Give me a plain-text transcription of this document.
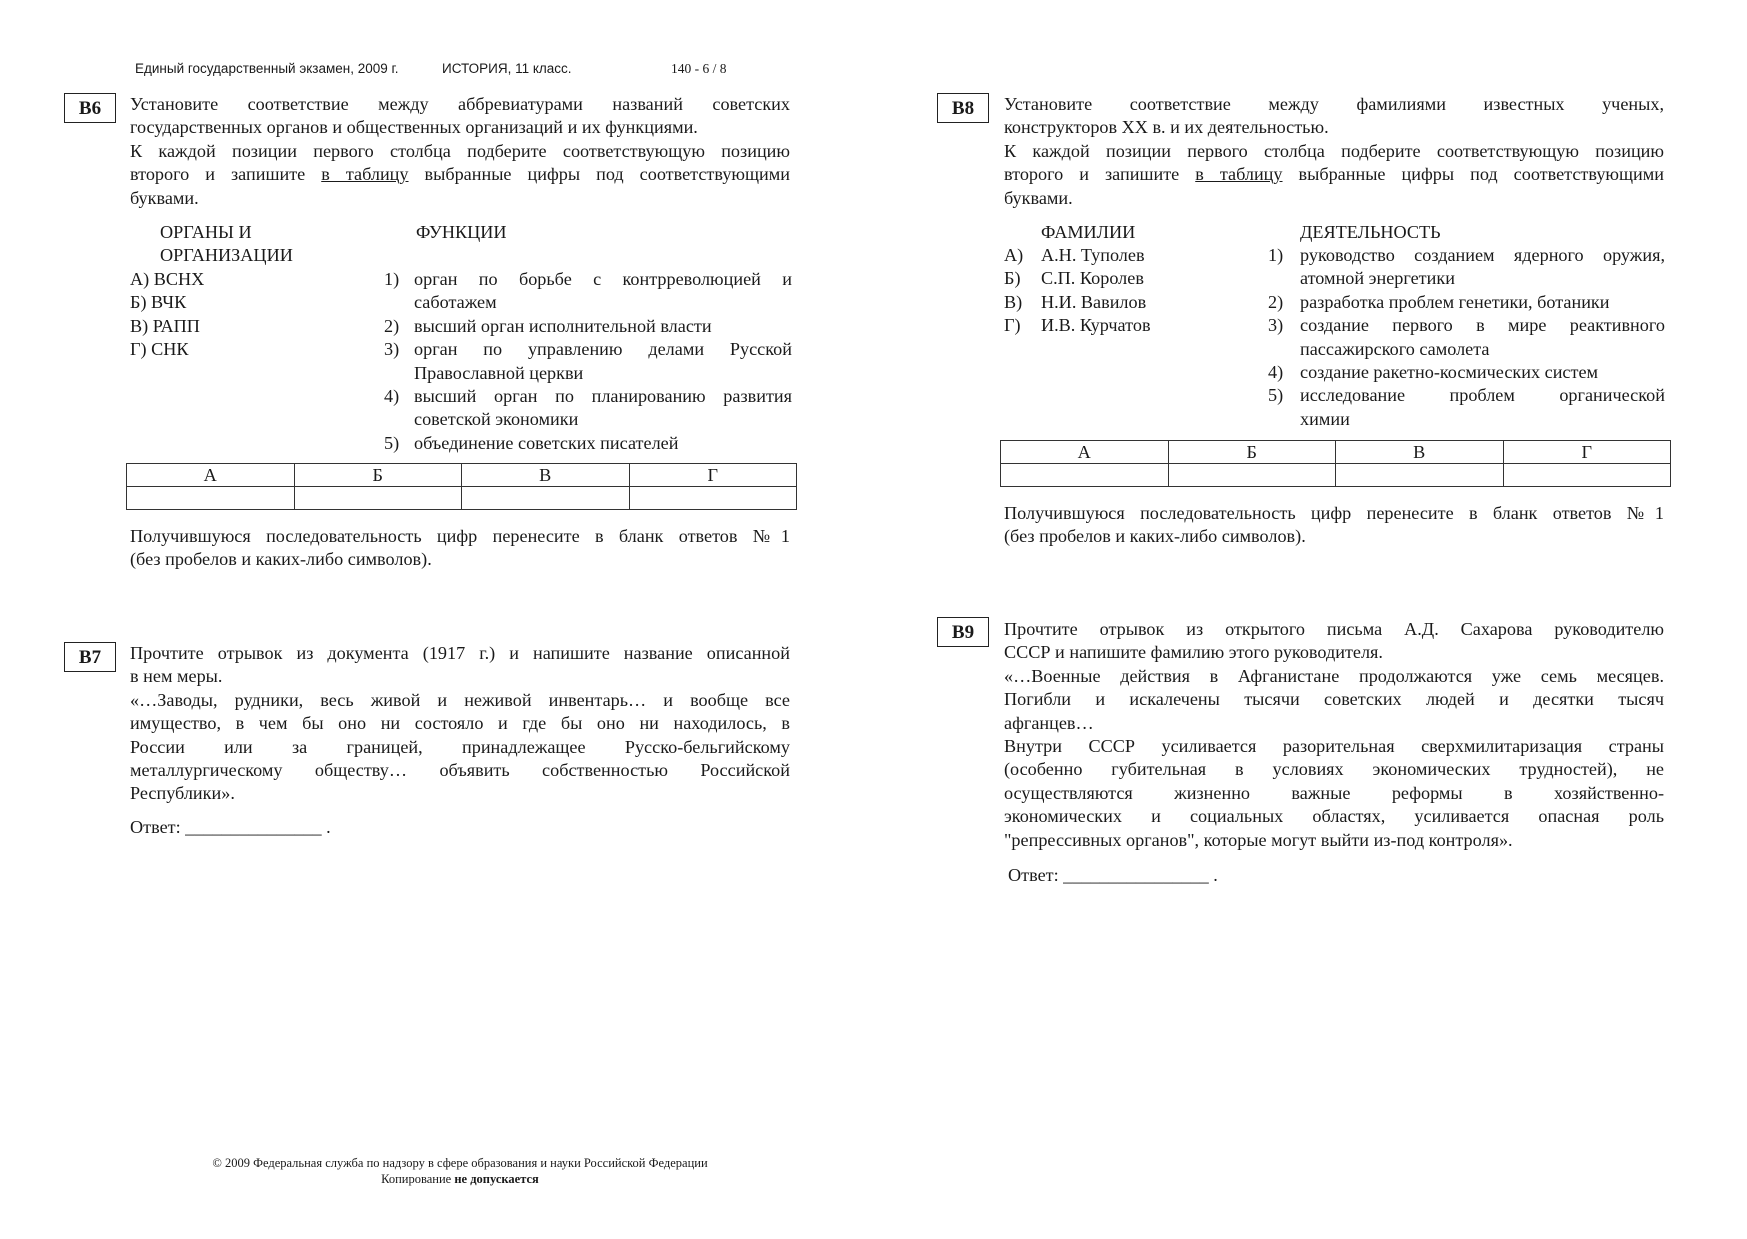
Единый государственный экзамен, 2009 г.	ИСТОРИЯ, 11 класс.	140 - 6 / 8
B6	Установите соответствие между аббревиатурами названий советских
государственных органов и общественных организаций и их функциями.
К каждой позиции первого столбца подберите соответствующую позицию
второго и запишите в таблицу выбранные цифры под соответствующими
буквами.
ОРГАНЫ И
ОРГАНИЗАЦИИ
ФУНКЦИИ
А) ВСНХ
Б) ВЧК
В) РАПП
Г) СНК
1) орган по борьбе с контрреволюцией и
саботажем
2) высший орган исполнительной власти
3) орган по управлению делами Русской
Православной церкви
4) высший орган по планированию развития
советской экономики
5) объединение советских писателей
А	Б	В	Г

Получившуюся последовательность цифр перенесите в бланк ответов №1
(без пробелов и каких-либо символов).
B7	Прочтите отрывок из документа (1917 г.) и напишите название описанной
в нем меры.
«…Заводы, рудники, весь живой и неживой инвентарь… и вообще все
имущество, в чем бы оно ни состояло и где бы оно ни находилось, в
России или за границей, принадлежащее Русско-бельгийскому
металлургическому обществу… объявить собственностью Российской
Республики».
Ответ: _______________ .
B8	Установите соответствие между фамилиями известных ученых,
конструкторов XX в. и их деятельностью.
К каждой позиции первого столбца подберите соответствующую позицию
второго и запишите в таблицу выбранные цифры под соответствующими
буквами.
ФАМИЛИИ	ДЕЯТЕЛЬНОСТЬ
А) А.Н. Туполев
Б) С.П. Королев
В) Н.И. Вавилов
Г) И.В. Курчатов
1) руководство созданием ядерного оружия,
атомной энергетики
2) разработка проблем генетики, ботаники
3) создание первого в мире реактивного
пассажирского самолета
4) создание ракетно-космических систем
5) исследование проблем органической
химии
А	Б	В	Г

Получившуюся последовательность цифр перенесите в бланк ответов №1
(без пробелов и каких-либо символов).
B9	Прочтите отрывок из открытого письма А.Д. Сахарова руководителю
СССР и напишите фамилию этого руководителя.
«…Военные действия в Афганистане продолжаются уже семь месяцев.
Погибли и искалечены тысячи советских людей и десятки тысяч
афганцев…
Внутри СССР усиливается разорительная сверхмилитаризация страны
(особенно губительная в условиях экономических трудностей), не
осуществляются жизненно важные реформы в хозяйственно-
экономических и социальных областях, усиливается опасная роль
"репрессивных органов", которые могут выйти из-под контроля».
Ответ: ________________ .
© 2009 Федеральная служба по надзору в сфере образования и науки Российской Федерации
Копирование не допускается
